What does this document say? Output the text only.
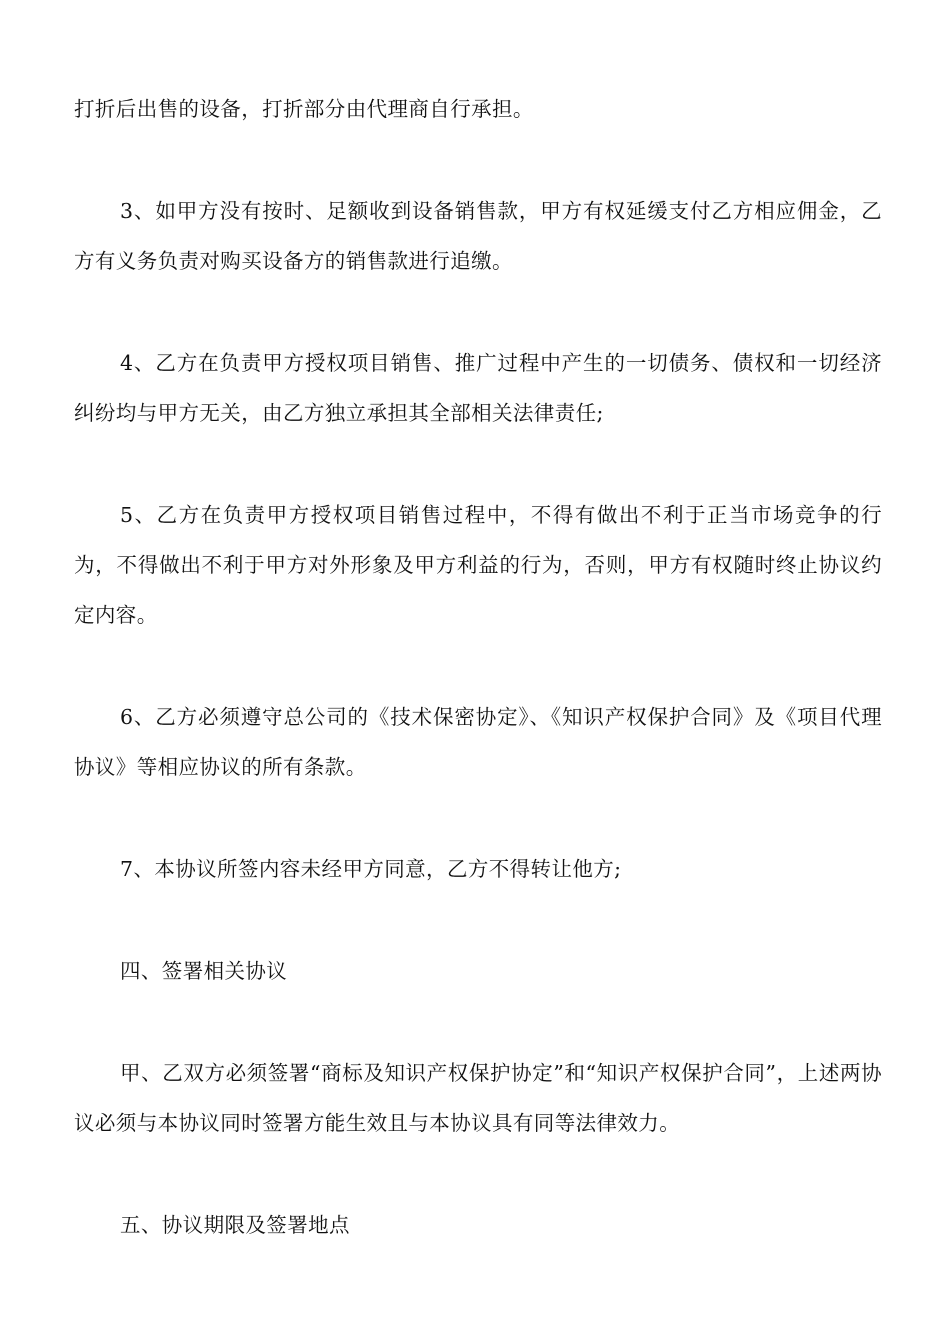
打折后出售的设备，打折部分由代理商自行承担。

3、如甲方没有按时、足额收到设备销售款，甲方有权延缓支付乙方相应佣金，乙方有义务负责对购买设备方的销售款进行追缴。

4、乙方在负责甲方授权项目销售、推广过程中产生的一切债务、债权和一切经济纠纷均与甲方无关，由乙方独立承担其全部相关法律责任;

5、乙方在负责甲方授权项目销售过程中，不得有做出不利于正当市场竞争的行为，不得做出不利于甲方对外形象及甲方利益的行为，否则，甲方有权随时终止协议约定内容。

6、乙方必须遵守总公司的《技术保密协定》、《知识产权保护合同》及《项目代理协议》等相应协议的所有条款。

7、本协议所签内容未经甲方同意，乙方不得转让他方;

四、签署相关协议

甲、乙双方必须签署“商标及知识产权保护协定”和“知识产权保护合同”，上述两协议必须与本协议同时签署方能生效且与本协议具有同等法律效力。

五、协议期限及签署地点
